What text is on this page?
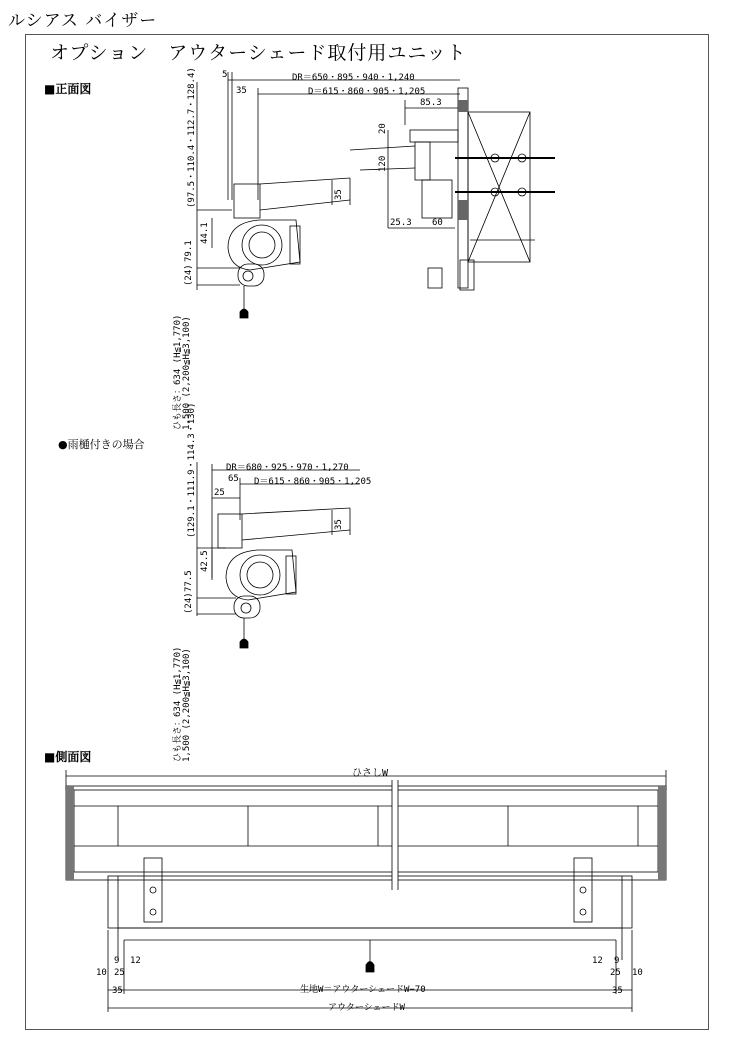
ルシアス バイザー
オプション　アウターシェード取付用ユニット
■正面図
●雨樋付きの場合
■側面図
DR＝650・895・940・1,240
D＝615・860・905・1,205
5
35
85.3
20
120
35
25.3 60
(97.5・110.4・112.7・128.4)
44.1
79.1
(24)
ひも長さ：634 (H≦1,770) 1,500 (2,200≦H≦3,100)
DR＝680・925・970・1,270
D＝615・860・905・1,205
65
25
35
(129.1・111.9・114.3・130)
42.5
77.5
(24)
ひも長さ：634 (H≦1,770) 1,500 (2,200≦H≦3,100)
ひさしW
10
9
25
12
35
12 9
25 10
35
生地W＝アウターシェードW−70
アウターシェードW
